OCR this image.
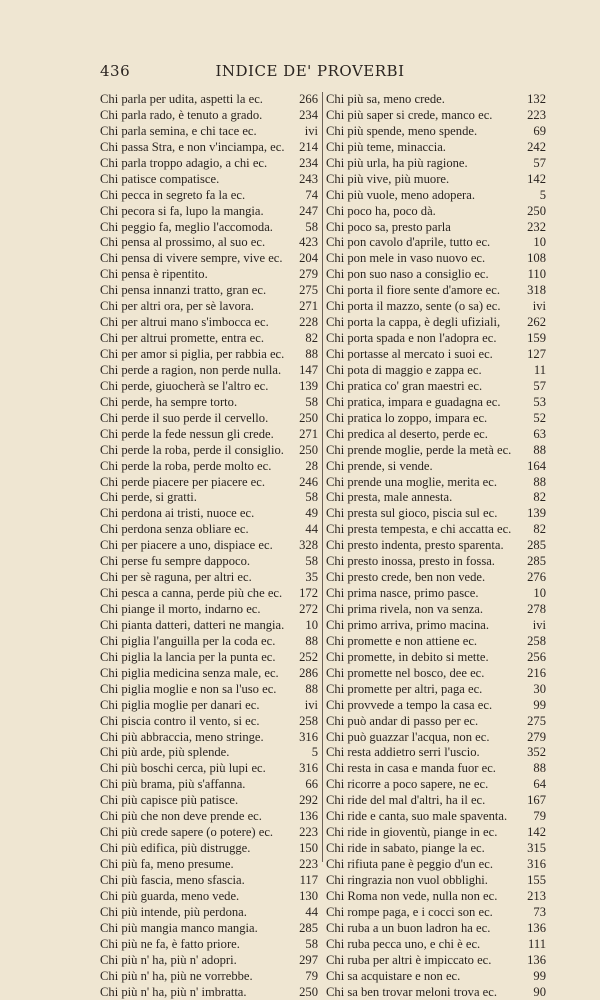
436	INDICE DE' PROVERBI
Chi parla per udita, aspetti la ec.	266
Chi parla rado, è tenuto a grado.	234
Chi parla semina, e chi tace ec.	ivi
Chi passa Stra, e non v'inciampa, ec.	214
Chi parla troppo adagio, a chi ec.	234
Chi patisce compatisce.	243
Chi pecca in segreto fa la ec.	74
Chi pecora si fa, lupo la mangia.	247
Chi peggio fa, meglio l'accomoda.	58
Chi pensa al prossimo, al suo ec.	423
Chi pensa di vivere sempre, vive ec.	204
Chi pensa è ripentito.	279
Chi pensa innanzi tratto, gran ec.	275
Chi per altri ora, per sè lavora.	271
Chi per altrui mano s'imbocca ec.	228
Chi per altrui promette, entra ec.	82
Chi per amor si piglia, per rabbia ec.	88
Chi perde a ragion, non perde nulla.	147
Chi perde, giuocherà se l'altro ec.	139
Chi perde, ha sempre torto.	58
Chi perde il suo perde il cervello.	250
Chi perde la fede nessun gli crede.	271
Chi perde la roba, perde il consiglio.	250
Chi perde la roba, perde molto ec.	28
Chi perde piacere per piacere ec.	246
Chi perde, si gratti.	58
Chi perdona ai tristi, nuoce ec.	49
Chi perdona senza obliare ec.	44
Chi per piacere a uno, dispiace ec.	328
Chi perse fu sempre dappoco.	58
Chi per sè raguna, per altri ec.	35
Chi pesca a canna, perde più che ec.	172
Chi piange il morto, indarno ec.	272
Chi pianta datteri, datteri ne mangia.	10
Chi piglia l'anguilla per la coda ec.	88
Chi piglia la lancia per la punta ec.	252
Chi piglia medicina senza male, ec.	286
Chi piglia moglie e non sa l'uso ec.	88
Chi piglia moglie per danari ec.	ivi
Chi piscia contro il vento, si ec.	258
Chi più abbraccia, meno stringe.	316
Chi più arde, più splende.	5
Chi più boschi cerca, più lupi ec.	316
Chi più brama, più s'affanna.	66
Chi più capisce più patisce.	292
Chi più che non deve prende ec.	136
Chi più crede sapere (o potere) ec.	223
Chi più edifica, più distrugge.	150
Chi più fa, meno presume.	223
Chi più fascia, meno sfascia.	117
Chi più guarda, meno vede.	130
Chi più intende, più perdona.	44
Chi più mangia manco mangia.	285
Chi più ne fa, è fatto priore.	58
Chi più n' ha, più n' adopri.	297
Chi più n' ha, più ne vorrebbe.	79
Chi più n' ha, più n' imbratta.	250
Chi più sa, meno crede.	132
Chi più saper si crede, manco ec.	223
Chi più spende, meno spende.	69
Chi più teme, minaccia.	242
Chi più urla, ha più ragione.	57
Chi più vive, più muore.	142
Chi più vuole, meno adopera.	5
Chi poco ha, poco dà.	250
Chi poco sa, presto parla	232
Chi pon cavolo d'aprile, tutto ec.	10
Chi pon mele in vaso nuovo ec.	108
Chi pon suo naso a consiglio ec.	110
Chi porta il fiore sente d'amore ec.	318
Chi porta il mazzo, sente (o sa) ec.	ivi
Chi porta la cappa, è degli ufiziali,	262
Chi porta spada e non l'adopra ec.	159
Chi portasse al mercato i suoi ec.	127
Chi pota di maggio e zappa ec.	11
Chi pratica co' gran maestri ec.	57
Chi pratica, impara e guadagna ec.	53
Chi pratica lo zoppo, impara ec.	52
Chi predica al deserto, perde ec.	63
Chi prende moglie, perde la metà ec.	88
Chi prende, si vende.	164
Chi prende una moglie, merita ec.	88
Chi presta, male annesta.	82
Chi presta sul gioco, piscia sul ec.	139
Chi presta tempesta, e chi accatta ec.	82
Chi presto indenta, presto sparenta.	285
Chi presto inossa, presto in fossa.	285
Chi presto crede, ben non vede.	276
Chi prima nasce, primo pasce.	10
Chi prima rivela, non va senza.	278
Chi primo arriva, primo macina.	ivi
Chi promette e non attiene ec.	258
Chi promette, in debito si mette.	256
Chi promette nel bosco, dee ec.	216
Chi promette per altri, paga ec.	30
Chi provvede a tempo la casa ec.	99
Chi può andar di passo per ec.	275
Chi può guazzar l'acqua, non ec.	279
Chi resta addietro serri l'uscio.	352
Chi resta in casa e manda fuor ec.	88
Chi ricorre a poco sapere, ne ec.	64
Chi ride del mal d'altri, ha il ec.	167
Chi ride e canta, suo male spaventa.	79
Chi ride in gioventù, piange in ec.	142
Chi ride in sabato, piange la ec.	315
Chi rifiuta pane è peggio d'un ec.	316
Chi ringrazia non vuol obblighi.	155
Chi Roma non vede, nulla non ec.	213
Chi rompe paga, e i cocci son ec.	73
Chi ruba a un buon ladron ha ec.	136
Chi ruba pecca uno, e chi è ec.	111
Chi ruba per altri è impiccato ec.	136
Chi sa acquistare e non ec.	99
Chi sa ben trovar meloni trova ec.	90
